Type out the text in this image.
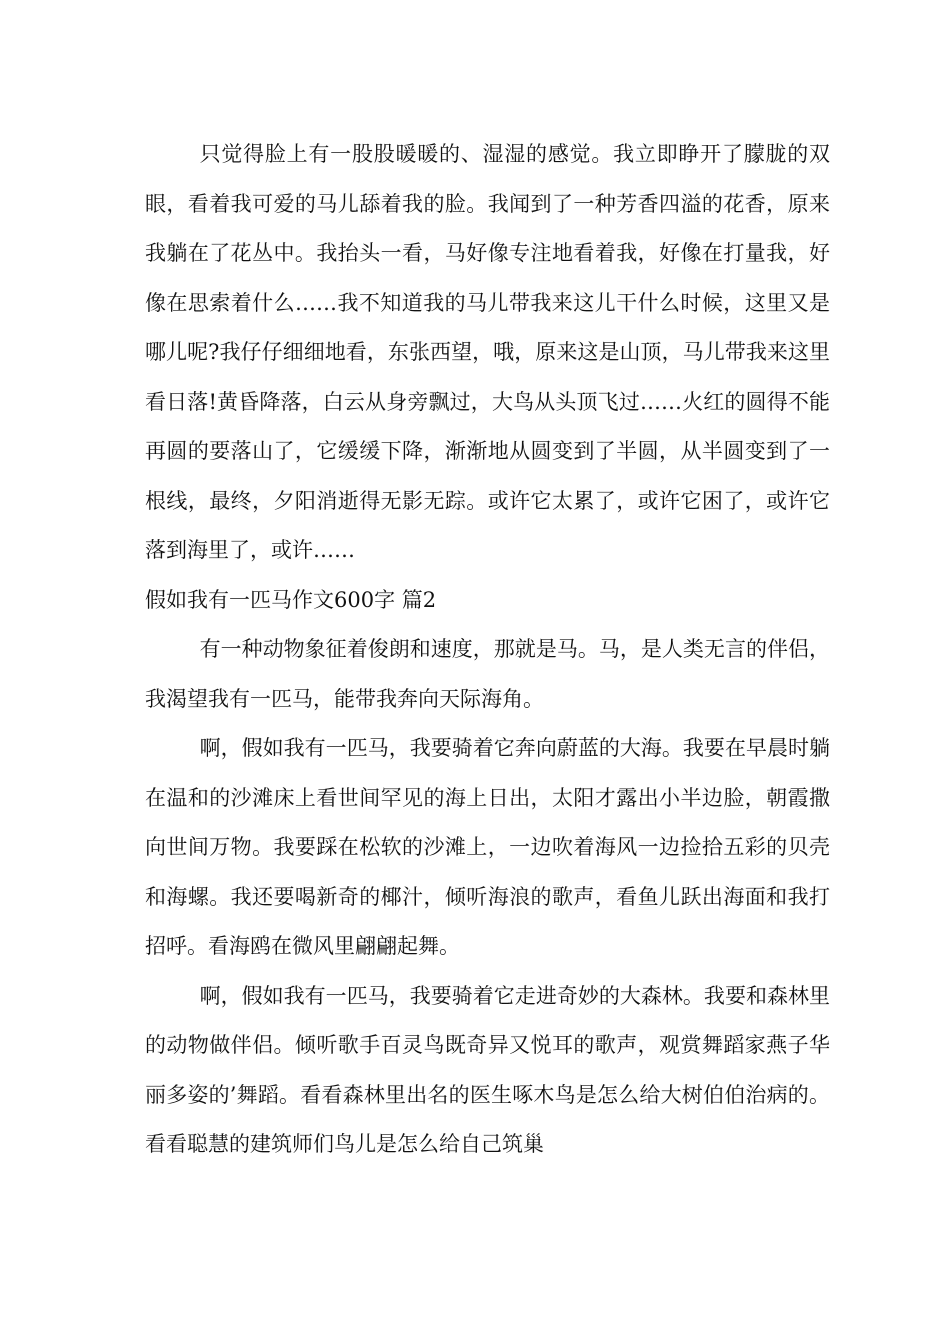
只觉得脸上有一股股暖暖的、湿湿的感觉。我立即睁开了朦胧的双眼，看着我可爱的马儿舔着我的脸。我闻到了一种芳香四溢的花香，原来我躺在了花丛中。我抬头一看，马好像专注地看着我，好像在打量我，好像在思索着什么……我不知道我的马儿带我来这儿干什么时候，这里又是哪儿呢?我仔仔细细地看，东张西望，哦，原来这是山顶，马儿带我来这里看日落!黄昏降落，白云从身旁飘过，大鸟从头顶飞过……火红的圆得不能再圆的要落山了，它缓缓下降，渐渐地从圆变到了半圆，从半圆变到了一根线，最终，夕阳消逝得无影无踪。或许它太累了，或许它困了，或许它落到海里了，或许……

假如我有一匹马作文600字 篇2

有一种动物象征着俊朗和速度，那就是马。马，是人类无言的伴侣，我渴望我有一匹马，能带我奔向天际海角。

啊，假如我有一匹马，我要骑着它奔向蔚蓝的大海。我要在早晨时躺在温和的沙滩床上看世间罕见的海上日出，太阳才露出小半边脸，朝霞撒向世间万物。我要踩在松软的沙滩上，一边吹着海风一边捡拾五彩的贝壳和海螺。我还要喝新奇的椰汁，倾听海浪的歌声，看鱼儿跃出海面和我打招呼。看海鸥在微风里翩翩起舞。

啊，假如我有一匹马，我要骑着它走进奇妙的大森林。我要和森林里的动物做伴侣。倾听歌手百灵鸟既奇异又悦耳的歌声，观赏舞蹈家燕子华丽多姿的’舞蹈。看看森林里出名的医生啄木鸟是怎么给大树伯伯治病的。看看聪慧的建筑师们鸟儿是怎么给自己筑巢
